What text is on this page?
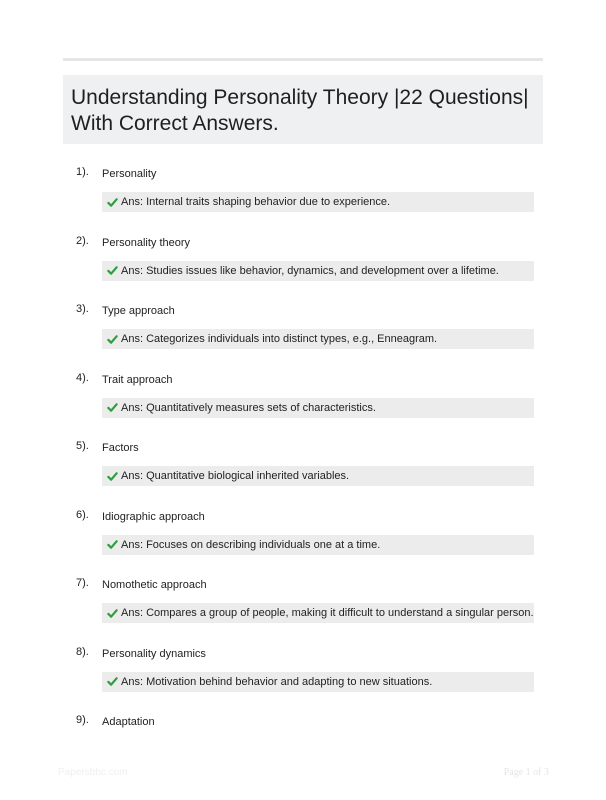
Understanding Personality Theory |22 Questions| With Correct Answers.
1). Personality
Ans: Internal traits shaping behavior due to experience.
2). Personality theory
Ans: Studies issues like behavior, dynamics, and development over a lifetime.
3). Type approach
Ans: Categorizes individuals into distinct types, e.g., Enneagram.
4). Trait approach
Ans: Quantitatively measures sets of characteristics.
5). Factors
Ans: Quantitative biological inherited variables.
6). Idiographic approach
Ans: Focuses on describing individuals one at a time.
7). Nomothetic approach
Ans: Compares a group of people, making it difficult to understand a singular person.
8). Personality dynamics
Ans: Motivation behind behavior and adapting to new situations.
9). Adaptation
Papersbbc.com	Page 1 of 3
